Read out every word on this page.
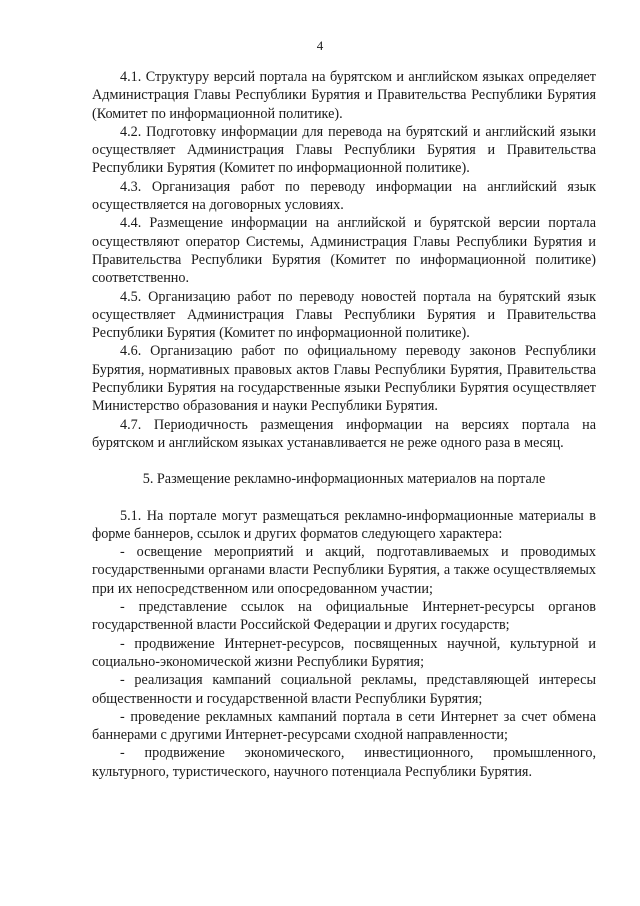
4

4.1. Структуру версий портала на бурятском и английском языках определяет Администрация Главы Республики Бурятия и Правительства Республики Бурятия (Комитет по информационной политике).

4.2. Подготовку информации для перевода на бурятский и английский языки осуществляет Администрация Главы Республики Бурятия и Правительства Республики Бурятия (Комитет по информационной политике).

4.3. Организация работ по переводу информации на английский язык осуществляется на договорных условиях.

4.4. Размещение информации на английской и бурятской версии портала осуществляют оператор Системы, Администрация Главы Республики Бурятия и Правительства Республики Бурятия (Комитет по информационной политике) соответственно.

4.5. Организацию работ по переводу новостей портала на бурятский язык осуществляет Администрация Главы Республики Бурятия и Правительства Республики Бурятия (Комитет по информационной политике).

4.6. Организацию работ по официальному переводу законов Республики Бурятия, нормативных правовых актов Главы Республики Бурятия, Правительства Республики Бурятия на государственные языки Республики Бурятия осуществляет Министерство образования и науки Республики Бурятия.

4.7. Периодичность размещения информации на версиях портала на бурятском и английском языках устанавливается не реже одного раза в месяц.

5. Размещение рекламно-информационных материалов на портале

5.1. На портале могут размещаться рекламно-информационные материалы в форме баннеров, ссылок и других форматов следующего характера:

- освещение мероприятий и акций, подготавливаемых и проводимых государственными органами власти Республики Бурятия, а также осуществляемых при их непосредственном или опосредованном участии;

- представление ссылок на официальные Интернет-ресурсы органов государственной власти Российской Федерации и других государств;

- продвижение Интернет-ресурсов, посвященных научной, культурной и социально-экономической жизни Республики Бурятия;

- реализация кампаний социальной рекламы, представляющей интересы общественности и государственной власти Республики Бурятия;

- проведение рекламных кампаний портала в сети Интернет за счет обмена баннерами с другими Интернет-ресурсами сходной направленности;

- продвижение экономического, инвестиционного, промышленного, культурного, туристического, научного потенциала Республики Бурятия.
